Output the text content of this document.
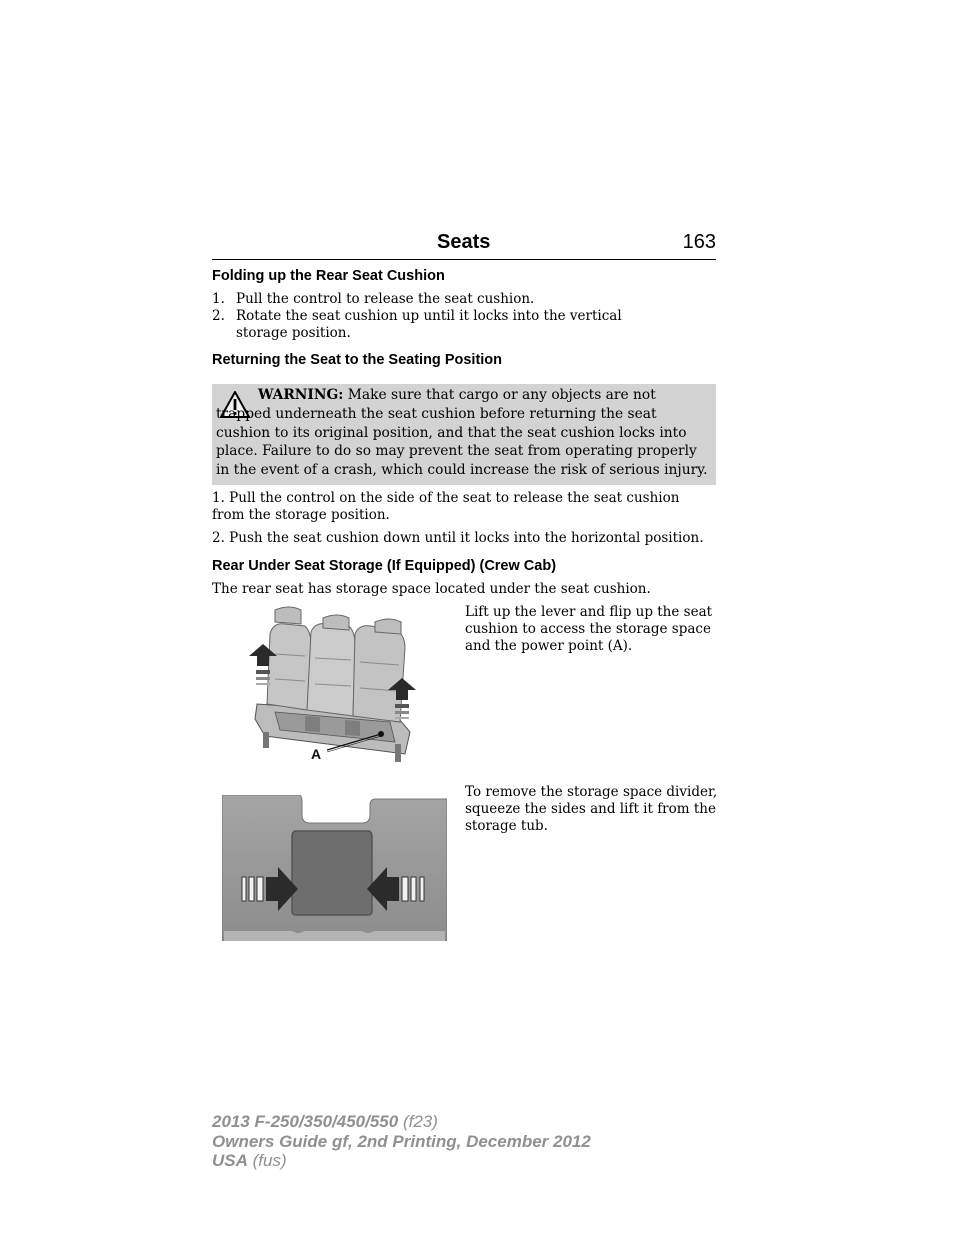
Seats	163
Folding up the Rear Seat Cushion
1. Pull the control to release the seat cushion.
2. Rotate the seat cushion up until it locks into the vertical storage position.
Returning the Seat to the Seating Position
WARNING: Make sure that cargo or any objects are not trapped underneath the seat cushion before returning the seat cushion to its original position, and that the seat cushion locks into place. Failure to do so may prevent the seat from operating properly in the event of a crash, which could increase the risk of serious injury.
1. Pull the control on the side of the seat to release the seat cushion from the storage position.
2. Push the seat cushion down until it locks into the horizontal position.
Rear Under Seat Storage (If Equipped) (Crew Cab)
The rear seat has storage space located under the seat cushion.
A
Lift up the lever and flip up the seat cushion to access the storage space and the power point (A).
To remove the storage space divider, squeeze the sides and lift it from the storage tub.
2013 F-250/350/450/550 (f23)
Owners Guide gf, 2nd Printing, December 2012
USA (fus)
